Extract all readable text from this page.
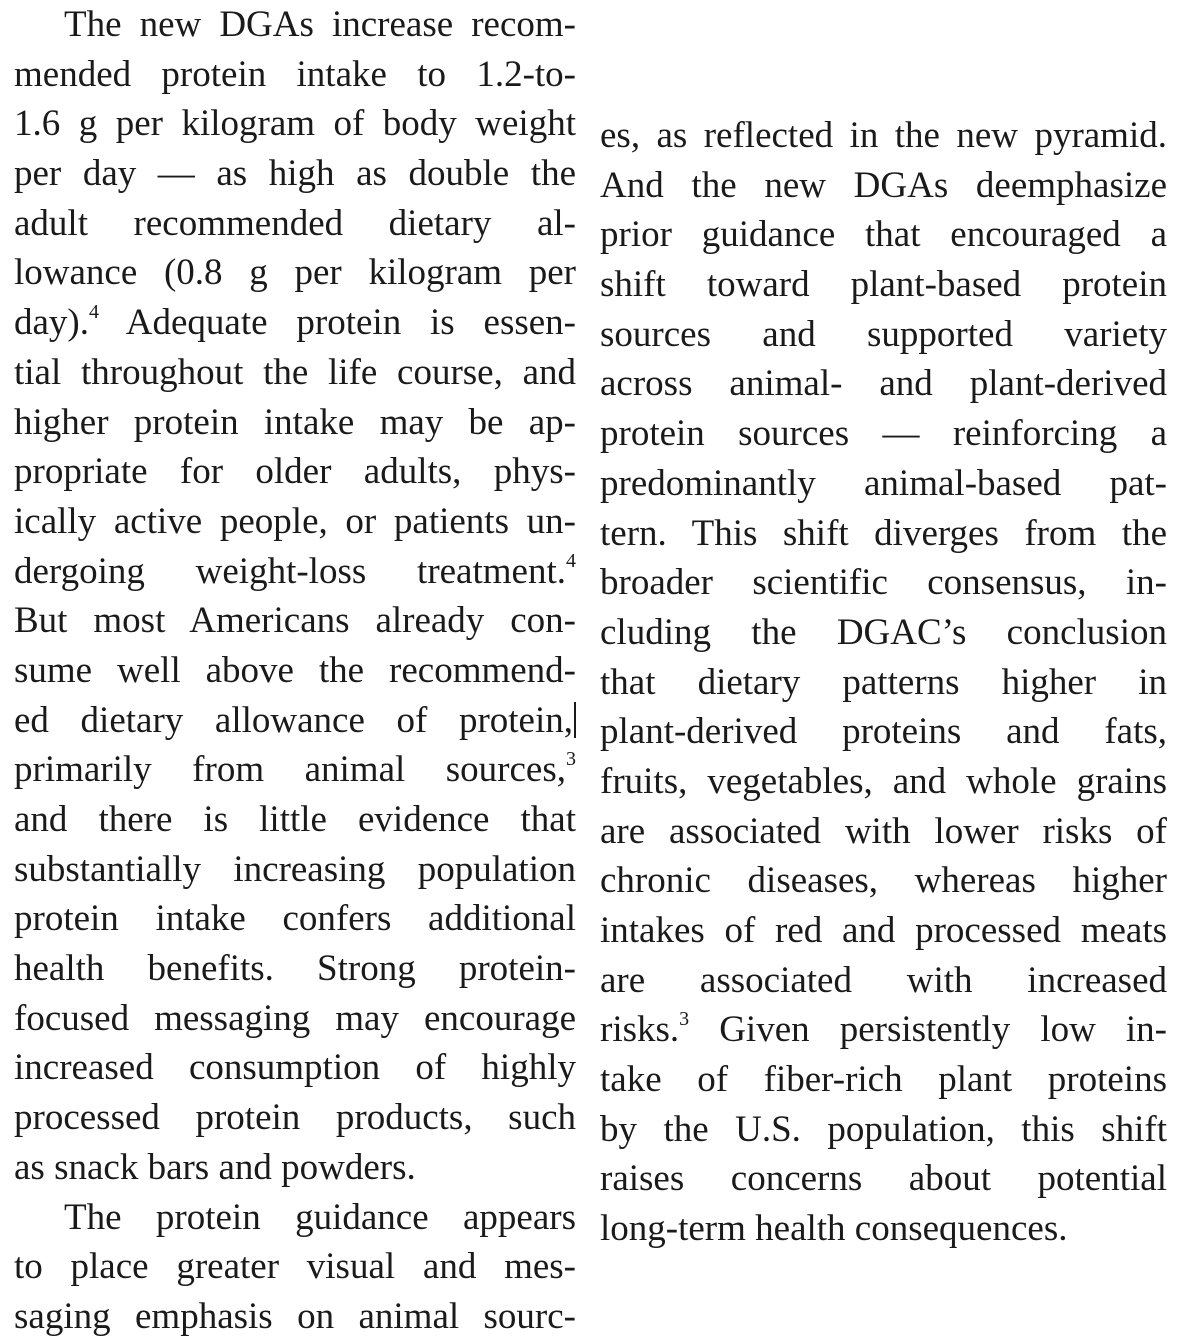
The new DGAs increase recom-
mended protein intake to 1.2-to-
1.6 g per kilogram of body weight
per day — as high as double the
adult recommended dietary al-
lowance (0.8 g per kilogram per
day).$^4$ Adequate protein is essen-
tial throughout the life course, and
higher protein intake may be ap-
propriate for older adults, phys-
ically active people, or patients un-
dergoing weight-loss treatment.$^4$
But most Americans already con-
sume well above the recommend-
ed dietary allowance of protein,
primarily from animal sources,$^3$
and there is little evidence that
substantially increasing population
protein intake confers additional
health benefits. Strong protein-
focused messaging may encourage
increased consumption of highly
processed protein products, such
as snack bars and powders.
The protein guidance appears
to place greater visual and mes-
saging emphasis on animal sourc-
es, as reflected in the new pyramid.
And the new DGAs deemphasize
prior guidance that encouraged a
shift toward plant-based protein
sources and supported variety
across animal- and plant-derived
protein sources — reinforcing a
predominantly animal-based pat-
tern. This shift diverges from the
broader scientific consensus, in-
cluding the DGAC’s conclusion
that dietary patterns higher in
plant-derived proteins and fats,
fruits, vegetables, and whole grains
are associated with lower risks of
chronic diseases, whereas higher
intakes of red and processed meats
are associated with increased
risks.$^3$ Given persistently low in-
take of fiber-rich plant proteins
by the U.S. population, this shift
raises concerns about potential
long-term health consequences.
